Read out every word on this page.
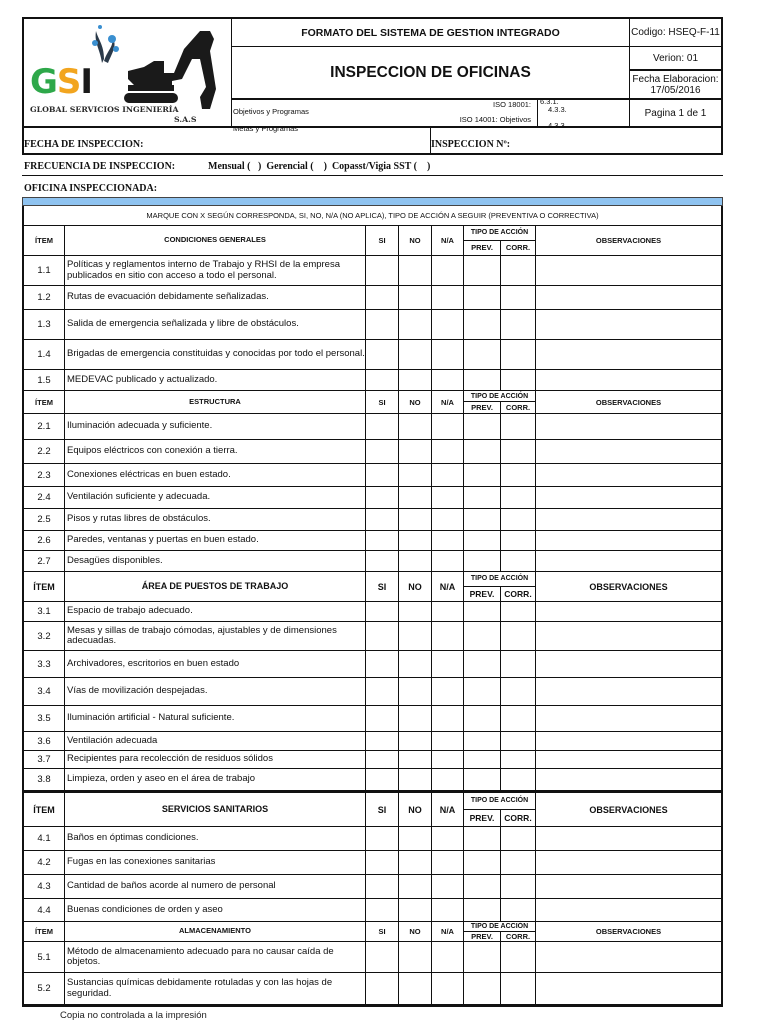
GSI
GLOBAL SERVICIOS INGENIERÍA
S.A.S
FORMATO DEL SISTEMA DE GESTION INTEGRADO
INSPECCION DE OFICINAS
Codigo: HSEQ-F-11
Verion: 01
Fecha Elaboracion:
17/05/2016
Objetivos y Programas
Metas y Programas
ISO 18001:
ISO 14001: Objetivos
6.3.1.
4.3.3.
4.3.3
Pagina 1 de 1
FECHA DE INSPECCION:	INSPECCION Nº:
FRECUENCIA DE INSPECCION:	Mensual (   )  Gerencial (    )  Copasst/Vigia SST (    )
OFICINA INSPECCIONADA:
MARQUE CON X SEGÚN CORRESPONDA, SI, NO, N/A (NO APLICA), TIPO DE ACCIÓN A SEGUIR (PREVENTIVA O CORRECTIVA)
ÍTEM	CONDICIONES GENERALES	SI	NO	N/A
TIPO DE ACCIÓN
PREV.	CORR.
OBSERVACIONES
1.1
Políticas y reglamentos interno de Trabajo y RHSI de la empresa publicados en sitio con acceso a todo el personal.
1.2	Rutas de evacuación debidamente señalizadas.
1.3	Salida de emergencia señalizada y libre de obstáculos.
1.4	Brigadas de emergencia constituidas y conocidas por todo el personal.
1.5	MEDEVAC publicado y actualizado.
ÍTEM	ESTRUCTURA	SI	NO	N/A
TIPO DE ACCIÓN
PREV.	CORR.
OBSERVACIONES
2.1	Iluminación adecuada y suficiente.
2.2	Equipos eléctricos con conexión a tierra.
2.3	Conexiones eléctricas en buen estado.
2.4	Ventilación suficiente y adecuada.
2.5	Pisos y rutas libres de obstáculos.
2.6	Paredes, ventanas y puertas en buen estado.
2.7	Desagües disponibles.
ÍTEM	ÁREA DE PUESTOS DE TRABAJO	SI	NO	N/A
TIPO DE ACCIÓN
PREV.	CORR.
OBSERVACIONES
3.1	Espacio de trabajo adecuado.
3.2
Mesas y sillas de trabajo cómodas, ajustables y de dimensiones adecuadas.
3.3	Archivadores, escritorios en buen estado
3.4	Vías de movilización despejadas.
3.5	Iluminación artificial - Natural suficiente.
3.6	Ventilación adecuada
3.7	Recipientes para recolección de residuos sólidos
3.8	Limpieza, orden y aseo en el área de trabajo
ÍTEM	SERVICIOS SANITARIOS	SI	NO	N/A
TIPO DE ACCIÓN
PREV.	CORR.
OBSERVACIONES
4.1	Baños en óptimas condiciones.
4.2	Fugas en las conexiones sanitarias
4.3	Cantidad de baños acorde al numero de personal
4.4	Buenas condiciones de orden y aseo
ÍTEM	ALMACENAMIENTO	SI	NO	N/A
TIPO DE ACCIÓN
PREV.	CORR.
OBSERVACIONES
5.1
Método de almacenamiento adecuado para no causar caída de objetos.
5.2
Sustancias químicas debidamente rotuladas y con las hojas de seguridad.
Copia no controlada a la impresión
